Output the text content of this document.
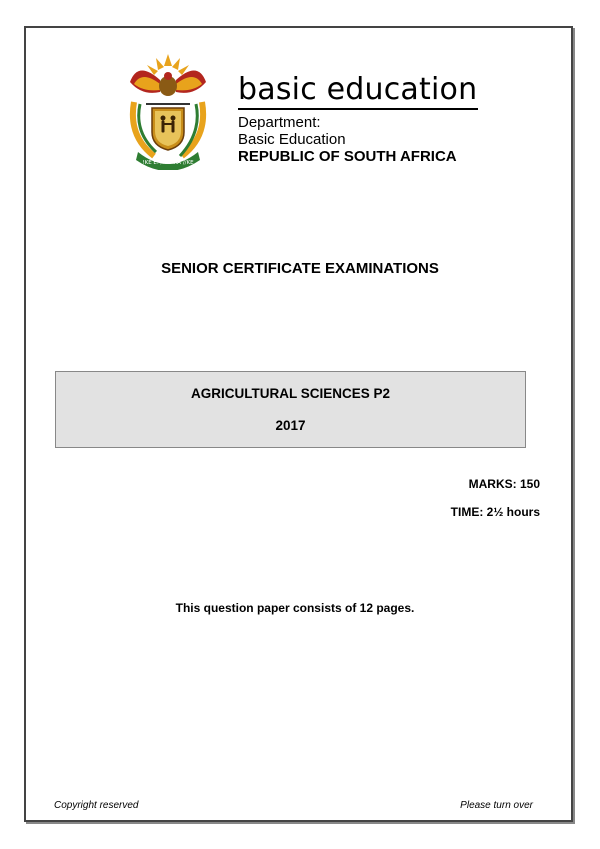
!KE E: /XARRA //KE
basic education
Department:
Basic Education
REPUBLIC OF SOUTH AFRICA
SENIOR CERTIFICATE EXAMINATIONS
AGRICULTURAL SCIENCES P2
2017
MARKS: 150
TIME: 2½ hours
This question paper consists of 12 pages.
Copyright reserved	Please turn over
